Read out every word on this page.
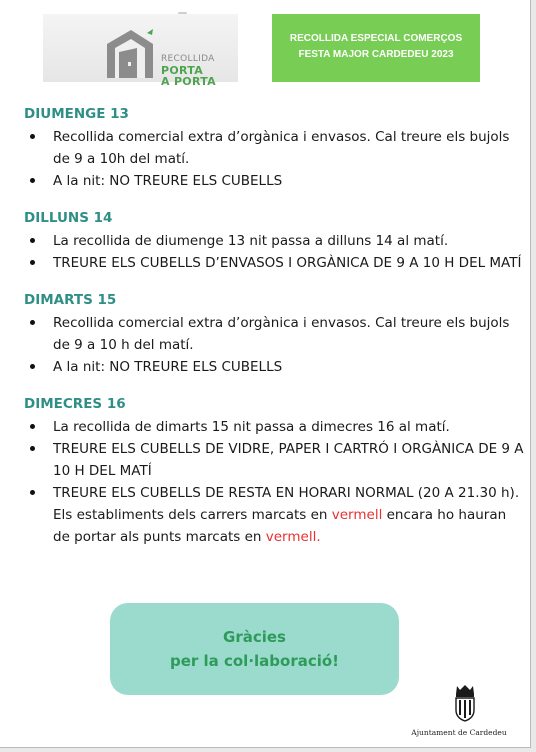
RECOLLIDA
PORTA
A PORTA
RECOLLIDA ESPECIAL COMERÇOS
FESTA MAJOR CARDEDEU 2023
DIUMENGE 13
Recollida comercial extra d’orgànica i envasos. Cal treure els bujols de 9 a 10h del matí.
A la nit: NO TREURE ELS CUBELLS
DILLUNS 14
La recollida de diumenge 13 nit passa a dilluns 14 al matí.
TREURE ELS CUBELLS D’ENVASOS I ORGÀNICA DE 9 A 10 H DEL MATÍ
DIMARTS 15
Recollida comercial extra d’orgànica i envasos. Cal treure els bujols de 9 a 10 h del matí.
A la nit: NO TREURE ELS CUBELLS
DIMECRES 16
La recollida de dimarts 15 nit passa a dimecres 16 al matí.
TREURE ELS CUBELLS DE VIDRE, PAPER I CARTRÓ I ORGÀNICA DE 9 A 10 H DEL MATÍ
TREURE ELS CUBELLS DE RESTA EN HORARI NORMAL (20 A 21.30 h). Els establiments dels carrers marcats en vermell encara ho hauran de portar als punts marcats en vermell.
Gràcies
per la col·laboració!
Ajuntament de Cardedeu
